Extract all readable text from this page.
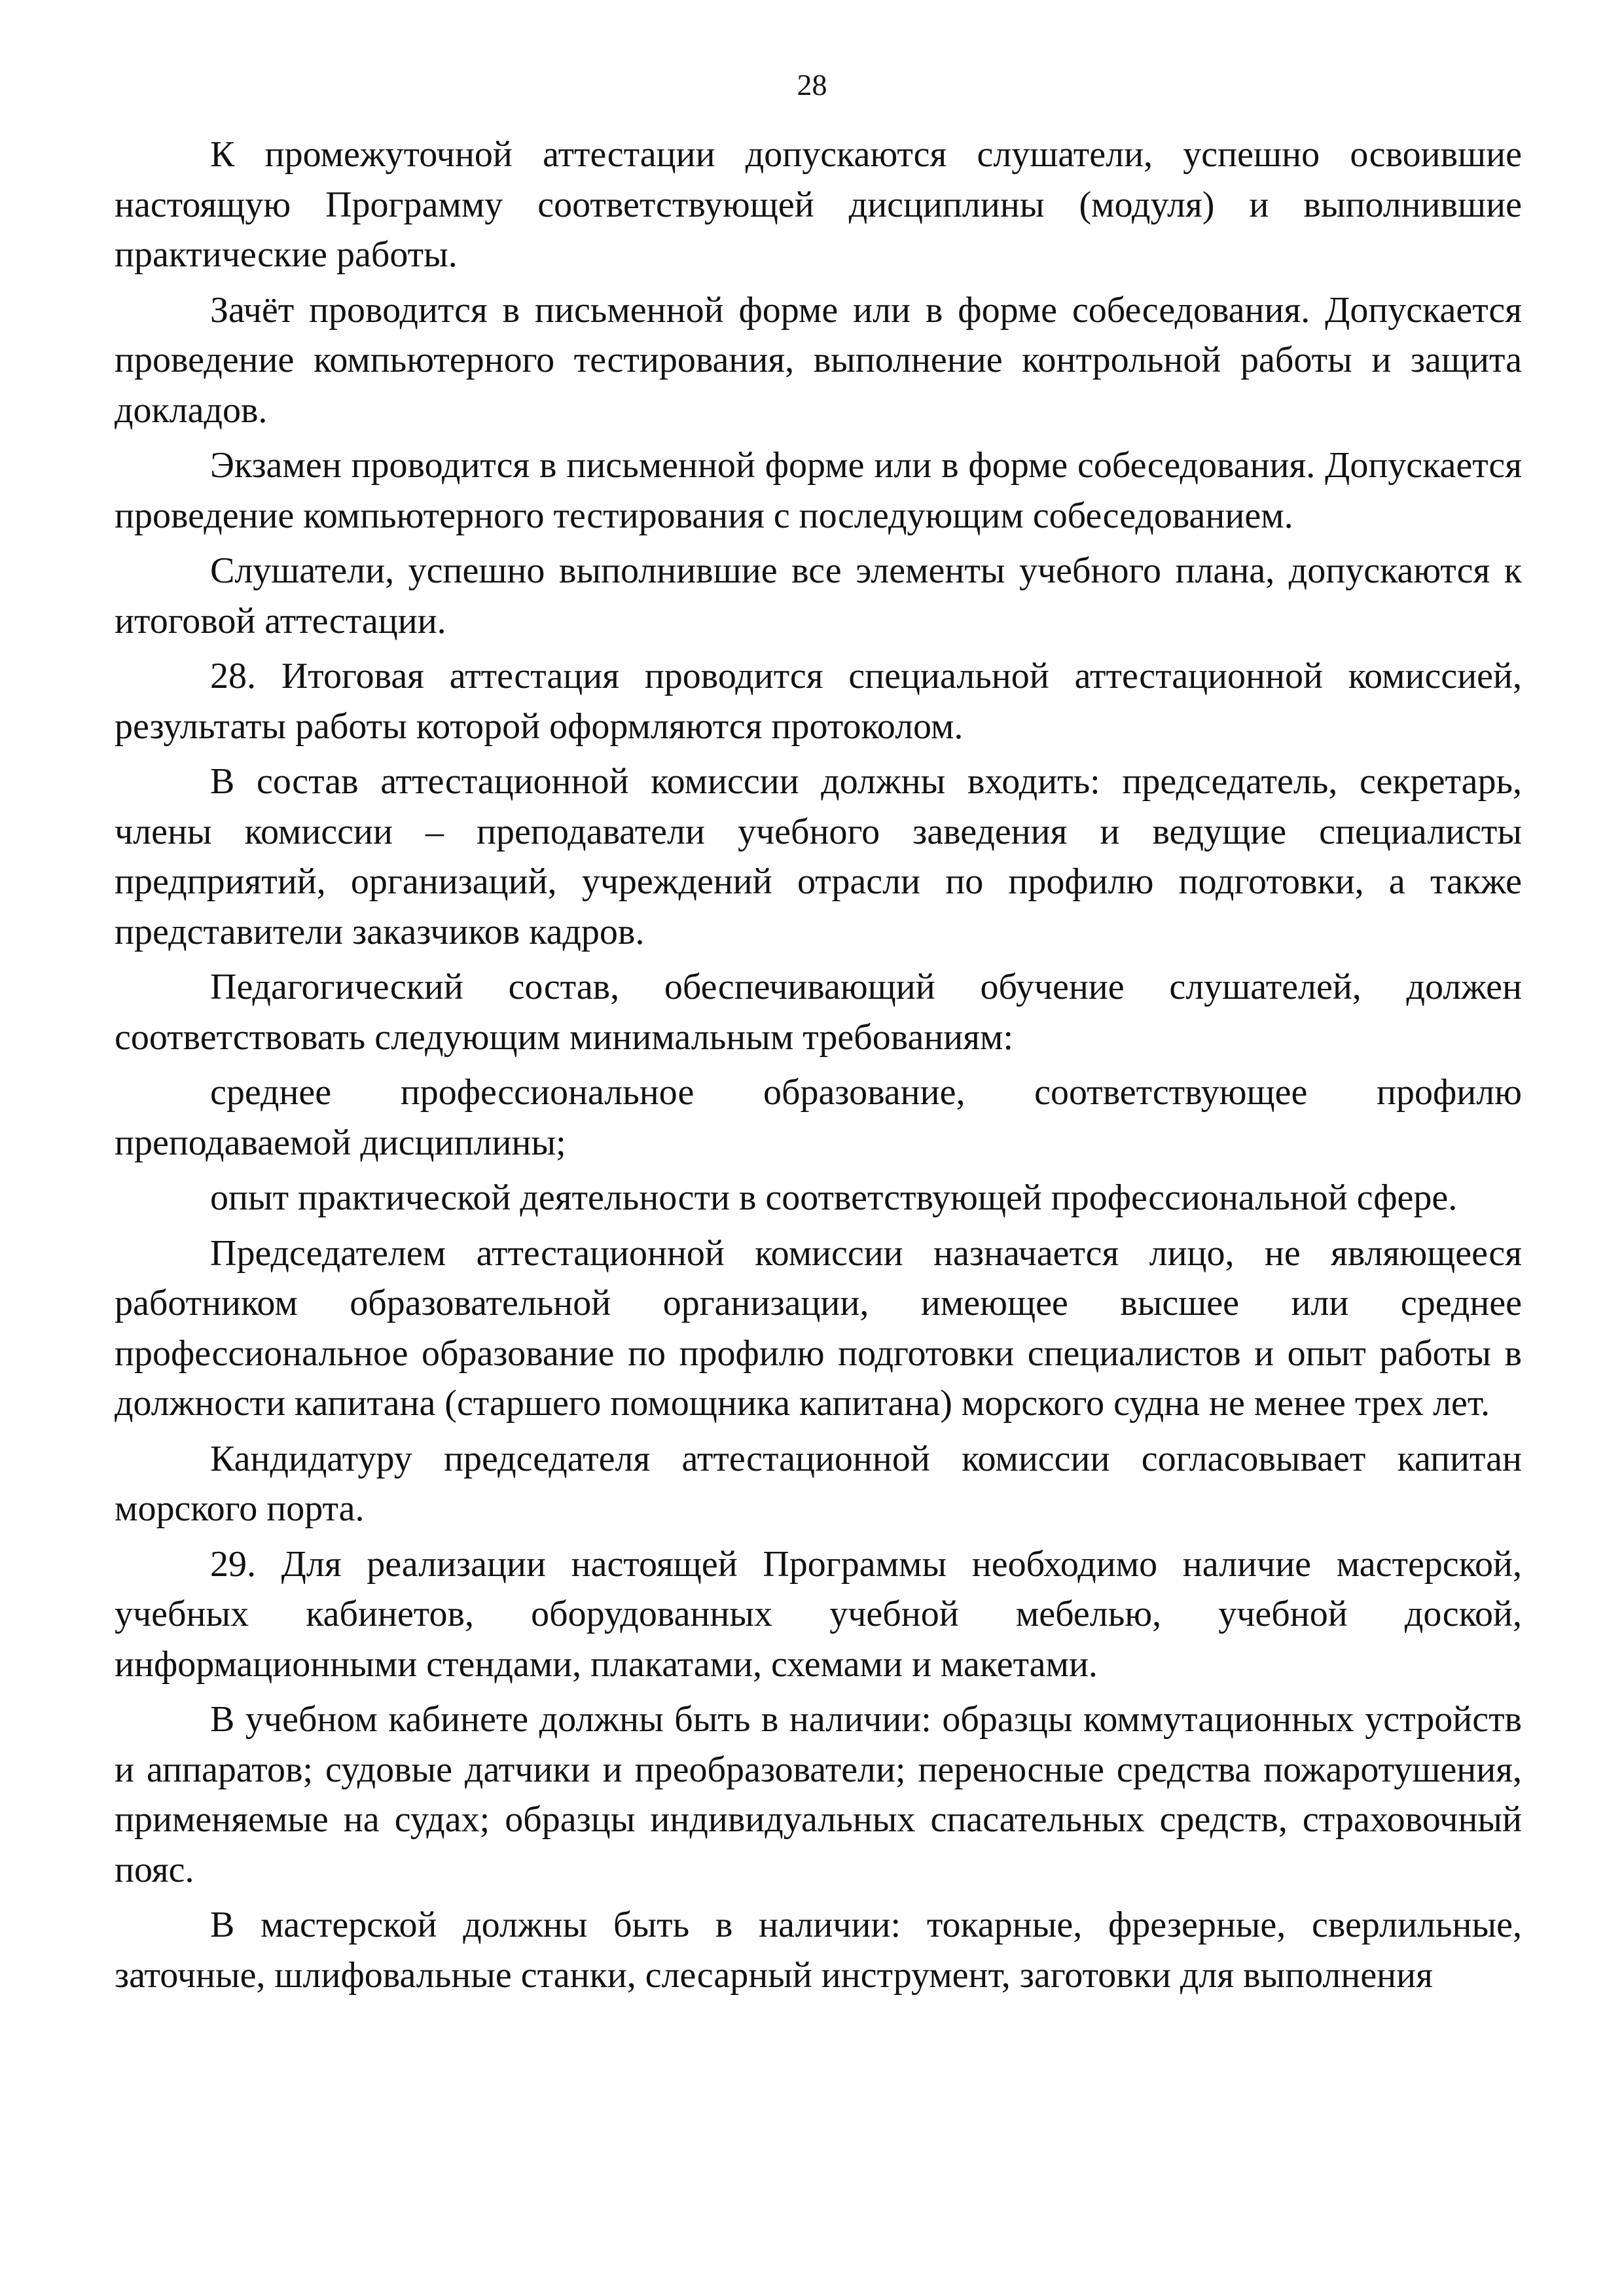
28

К промежуточной аттестации допускаются слушатели, успешно освоившие настоящую Программу соответствующей дисциплины (модуля) и выполнившие практические работы.

Зачёт проводится в письменной форме или в форме собеседования. Допускается проведение компьютерного тестирования, выполнение контрольной работы и защита докладов.

Экзамен проводится в письменной форме или в форме собеседования. Допускается проведение компьютерного тестирования с последующим собеседованием.

Слушатели, успешно выполнившие все элементы учебного плана, допускаются к итоговой аттестации.

28. Итоговая аттестация проводится специальной аттестационной комиссией, результаты работы которой оформляются протоколом.

В состав аттестационной комиссии должны входить: председатель, секретарь, члены комиссии – преподаватели учебного заведения и ведущие специалисты предприятий, организаций, учреждений отрасли по профилю подготовки, а также представители заказчиков кадров.

Педагогический состав, обеспечивающий обучение слушателей, должен соответствовать следующим минимальным требованиям:

среднее профессиональное образование, соответствующее профилю преподаваемой дисциплины;

опыт практической деятельности в соответствующей профессиональной сфере.

Председателем аттестационной комиссии назначается лицо, не являющееся работником образовательной организации, имеющее высшее или среднее профессиональное образование по профилю подготовки специалистов и опыт работы в должности капитана (старшего помощника капитана) морского судна не менее трех лет.

Кандидатуру председателя аттестационной комиссии согласовывает капитан морского порта.

29. Для реализации настоящей Программы необходимо наличие мастерской, учебных кабинетов, оборудованных учебной мебелью, учебной доской, информационными стендами, плакатами, схемами и макетами.

В учебном кабинете должны быть в наличии: образцы коммутационных устройств и аппаратов; судовые датчики и преобразователи; переносные средства пожаротушения, применяемые на судах; образцы индивидуальных спасательных средств, страховочный пояс.

В мастерской должны быть в наличии: токарные, фрезерные, сверлильные, заточные, шлифовальные станки, слесарный инструмент, заготовки для выполнения
